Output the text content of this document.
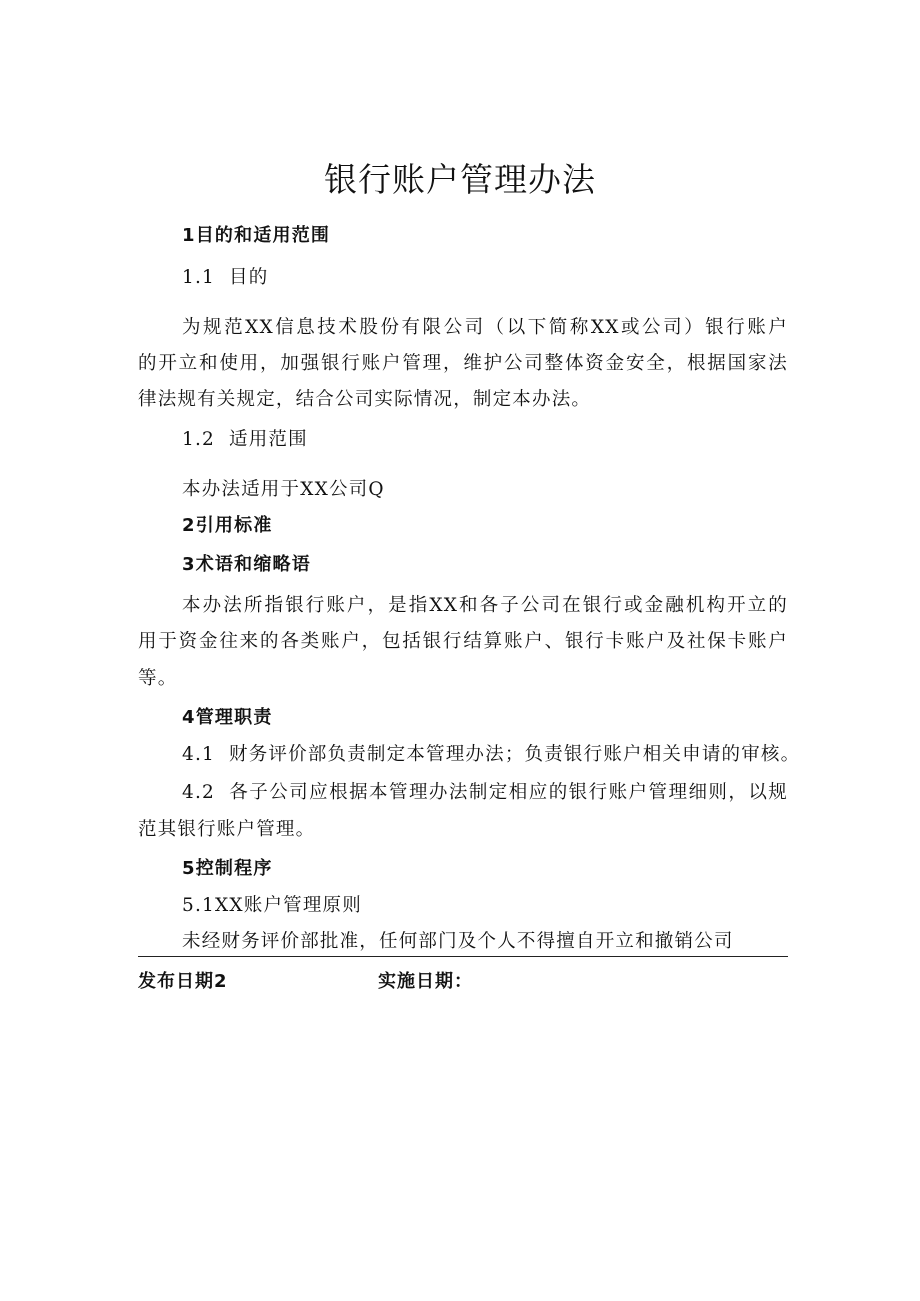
银行账户管理办法
1目的和适用范围
1.1 目的
为规范XX信息技术股份有限公司（以下简称XX或公司）银行账户
的开立和使用，加强银行账户管理，维护公司整体资金安全，根据国家法
律法规有关规定，结合公司实际情况，制定本办法。
1.2 适用范围
本办法适用于XX公司Q
2引用标准
3术语和缩略语
本办法所指银行账户，是指XX和各子公司在银行或金融机构开立的
用于资金往来的各类账户，包括银行结算账户、银行卡账户及社保卡账户
等。
4管理职责
4.1 财务评价部负责制定本管理办法；负责银行账户相关申请的审核。
4.2 各子公司应根据本管理办法制定相应的银行账户管理细则，以规
范其银行账户管理。
5控制程序
5.1XX账户管理原则
未经财务评价部批准，任何部门及个人不得擅自开立和撤销公司
发布日期2	实施日期：
